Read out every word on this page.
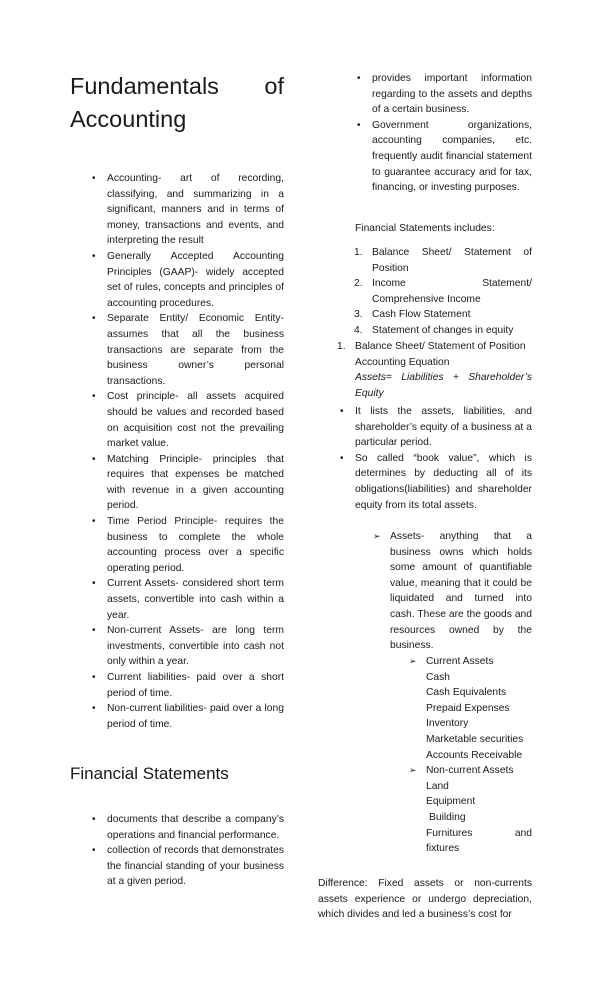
Fundamentals of
Accounting
• Accounting- art of recording, classifying, and summarizing in a significant, manners and in terms of money, transactions and events, and interpreting the result
• Generally Accepted Accounting Principles (GAAP)- widely accepted set of rules, concepts and principles of accounting procedures.
• Separate Entity/ Economic Entity- assumes that all the business transactions are separate from the business owner’s personal transactions.
• Cost principle- all assets acquired should be values and recorded based on acquisition cost not the prevailing market value.
• Matching Principle- principles that requires that expenses be matched with revenue in a given accounting period.
• Time Period Principle- requires the business to complete the whole accounting process over a specific operating period.
• Current Assets- considered short term assets, convertible into cash within a year.
• Non-current Assets- are long term investments, convertible into cash not only within a year.
• Current liabilities- paid over a short period of time.
• Non-current liabilities- paid over a long period of time.
Financial Statements
• documents that describe a company’s operations and financial performance.
• collection of records that demonstrates the financial standing of your business at a given period.
• provides important information regarding to the assets and depths of a certain business.
• Government organizations, accounting companies, etc. frequently audit financial statement to guarantee accuracy and for tax, financing, or investing purposes.
Financial Statements includes:
1. Balance Sheet/ Statement of Position
2. Income Statement/ Comprehensive Income
3. Cash Flow Statement
4. Statement of changes in equity
1. Balance Sheet/ Statement of Position
Accounting Equation
Assets= Liabilities + Shareholder’s Equity
• It lists the assets, liabilities, and shareholder’s equity of a business at a particular period.
• So called “book value”, which is determines by deducting all of its obligations(liabilities) and shareholder equity from its total assets.
➢ Assets- anything that a business owns which holds some amount of quantifiable value, meaning that it could be liquidated and turned into cash. These are the goods and resources owned by the business.
➢ Current Assets
Cash
Cash Equivalents
Prepaid Expenses
Inventory
Marketable securities
Accounts Receivable
➢ Non-current Assets
Land
Equipment
Building
Furnitures	and
fixtures

Difference: Fixed assets or non-currents assets experience or undergo depreciation, which divides and led a business’s cost for
